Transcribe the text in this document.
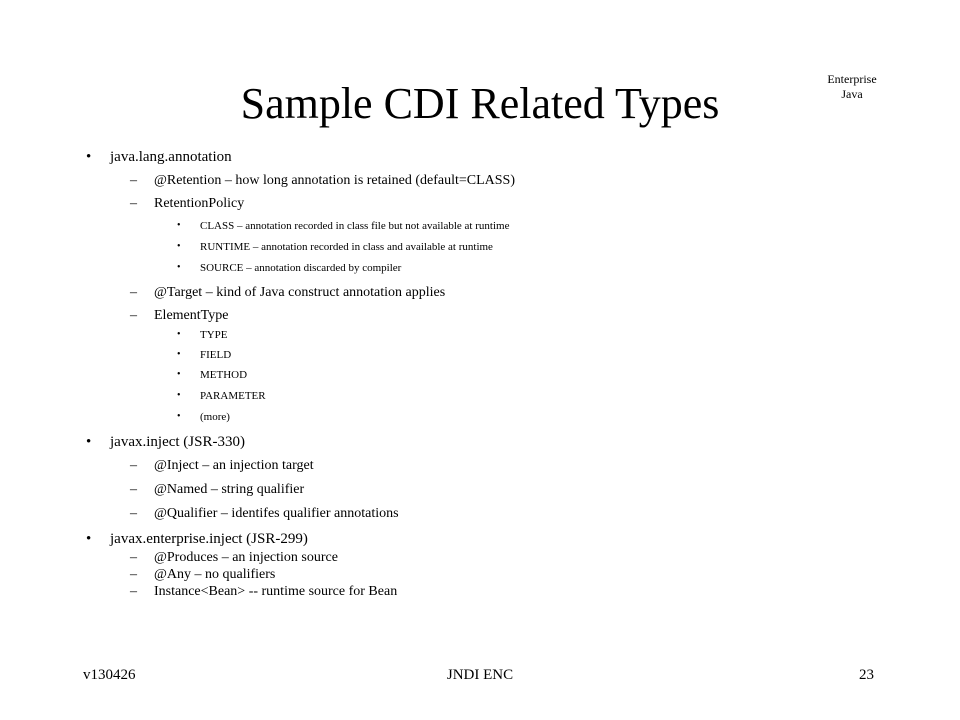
Sample CDI Related Types	Enterprise
Java
• java.lang.annotation
– @Retention – how long annotation is retained (default=CLASS)
– RetentionPolicy
• CLASS – annotation recorded in class file but not available at runtime
• RUNTIME – annotation recorded in class and available at runtime
• SOURCE – annotation discarded by compiler
– @Target – kind of Java construct annotation applies
– ElementType
• TYPE
• FIELD
• METHOD
• PARAMETER
• (more)
• javax.inject (JSR-330)
– @Inject – an injection target
– @Named – string qualifier
– @Qualifier – identifes qualifier annotations
• javax.enterprise.inject (JSR-299)
– @Produces – an injection source
– @Any – no qualifiers
– Instance<Bean> -- runtime source for Bean
v130426	JNDI ENC	23
